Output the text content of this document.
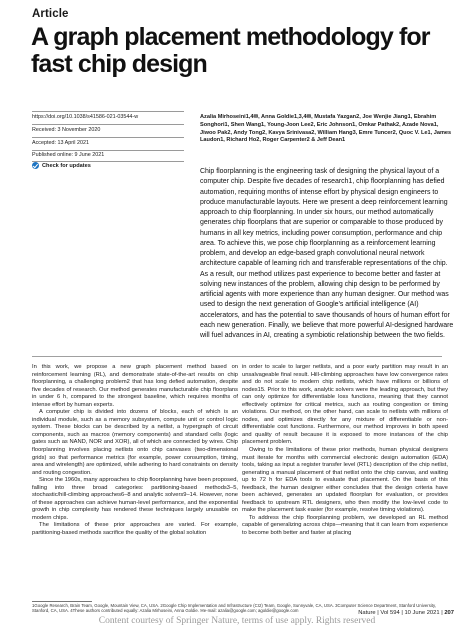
Article
A graph placement methodology for fast chip design
https://doi.org/10.1038/s41586-021-03544-w
Received: 3 November 2020
Accepted: 13 April 2021
Published online: 9 June 2021
Check for updates
Azalia Mirhoseini1,4✉, Anna Goldie1,3,4✉, Mustafa Yazgan2, Joe Wenjie Jiang1, Ebrahim Songhori1, Shen Wang1, Young-Joon Lee2, Eric Johnson1, Omkar Pathak2, Azade Nova1, Jiwoo Pak2, Andy Tong2, Kavya Srinivasa2, William Hang3, Emre Tuncer2, Quoc V. Le1, James Laudon1, Richard Ho2, Roger Carpenter2 & Jeff Dean1

Chip floorplanning is the engineering task of designing the physical layout of a computer chip. Despite five decades of research1, chip floorplanning has defied automation, requiring months of intense effort by physical design engineers to produce manufacturable layouts. Here we present a deep reinforcement learning approach to chip floorplanning. In under six hours, our method automatically generates chip floorplans that are superior or comparable to those produced by humans in all key metrics, including power consumption, performance and chip area. To achieve this, we pose chip floorplanning as a reinforcement learning problem, and develop an edge-based graph convolutional neural network architecture capable of learning rich and transferable representations of the chip. As a result, our method utilizes past experience to become better and faster at solving new instances of the problem, allowing chip design to be performed by artificial agents with more experience than any human designer. Our method was used to design the next generation of Google’s artificial intelligence (AI) accelerators, and has the potential to save thousands of hours of human effort for each new generation. Finally, we believe that more powerful AI-designed hardware will fuel advances in AI, creating a symbiotic relationship between the two fields.

In this work, we propose a new graph placement method based on reinforcement learning (RL), and demonstrate state-of-the-art results on chip floorplanning, a challenging problem2 that has long defied automation, despite five decades of research. Our method generates manufacturable chip floorplans in under 6 h, compared to the strongest baseline, which requires months of intense effort by human experts.

A computer chip is divided into dozens of blocks, each of which is an individual module, such as a memory subsystem, compute unit or control logic system. These blocks can be described by a netlist, a hypergraph of circuit components, such as macros (memory components) and standard cells (logic gates such as NAND, NOR and XOR), all of which are connected by wires. Chip floorplanning involves placing netlists onto chip canvases (two-dimensional grids) so that performance metrics (for example, power consumption, timing, area and wirelength) are optimized, while adhering to hard constraints on density and routing congestion.

Since the 1960s, many approaches to chip floorplanning have been proposed, falling into three broad categories: partitioning-based methods3–5, stochastic/hill-climbing approaches6–8 and analytic solvers9–14. However, none of these approaches can achieve human-level performance, and the exponential growth in chip complexity has rendered these techniques largely unusable on modern chips.

The limitations of these prior approaches are varied. For example, partitioning-based methods sacrifice the quality of the global solution

in order to scale to larger netlists, and a poor early partition may result in an unsalvageable final result. Hill-climbing approaches have low convergence rates and do not scale to modern chip netlists, which have millions or billions of nodes15. Prior to this work, analytic solvers were the leading approach, but they can only optimize for differentiable loss functions, meaning that they cannot effectively optimize for critical metrics, such as routing congestion or timing violations. Our method, on the other hand, can scale to netlists with millions of nodes, and optimizes directly for any mixture of differentiable or non-differentiable cost functions. Furthermore, our method improves in both speed and quality of result because it is exposed to more instances of the chip placement problem.

Owing to the limitations of these prior methods, human physical designers must iterate for months with commercial electronic design automation (EDA) tools, taking as input a register transfer level (RTL) description of the chip netlist, generating a manual placement of that netlist onto the chip canvas, and waiting up to 72 h for EDA tools to evaluate that placement. On the basis of this feedback, the human designer either concludes that the design criteria have been achieved, generates an updated floorplan for evaluation, or provides feedback to upstream RTL designers, who then modify the low-level code to make the placement task easier (for example, resolve timing violations).

To address the chip floorplanning problem, we developed an RL method capable of generalizing across chips—meaning that it can learn from experience to become both better and faster at placing

1Google Research, Brain Team, Google, Mountain View, CA, USA. 2Google Chip Implementation and Infrastructure (CI2) Team, Google, Sunnyvale, CA, USA. 3Computer Science Department, Stanford University, Stanford, CA, USA. 4These authors contributed equally: Azalia Mirhoseini, Anna Goldie. ✉e-mail: azalia@google.com; agoldie@google.com	Nature | Vol 594 | 10 June 2021 | 207
Content courtesy of Springer Nature, terms of use apply. Rights reserved
